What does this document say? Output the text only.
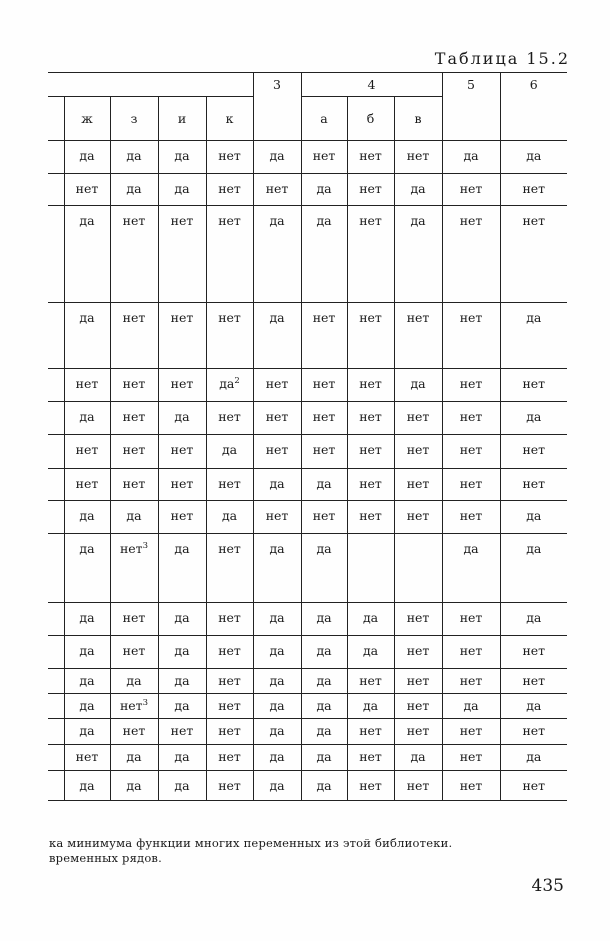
Таблица 15.2
					3	4			5	6
	ж	з	и	к		а	б	в		
	да	да	да	нет	да	нет	нет	нет	да	да
	нет	да	да	нет	нет	да	нет	да	нет	нет
	да	нет	нет	нет	да	да	нет	да	нет	нет
	да	нет	нет	нет	да	нет	нет	нет	нет	да
	нет	нет	нет	$да^2$	нет	нет	нет	да	нет	нет
	да	нет	да	нет	нет	нет	нет	нет	нет	да
	нет	нет	нет	да	нет	нет	нет	нет	нет	нет
	нет	нет	нет	нет	да	да	нет	нет	нет	нет
	да	да	нет	да	нет	нет	нет	нет	нет	да
	да	нет$^3$	да	нет	да	да			да	да
	да	нет	да	нет	да	да	да	нет	нет	да
	да	нет	да	нет	да	да	да	нет	нет	нет
	да	да	да	нет	да	да	нет	нет	нет	нет
	да	нет$^3$	да	нет	да	да	да	нет	да	да
	да	нет	нет	нет	да	да	нет	нет	нет	нет
	нет	да	да	нет	да	да	нет	да	нет	да
	да	да	да	нет	да	да	нет	нет	нет	нет
ка минимума функции многих переменных из этой библиотеки.
временных рядов.
435
